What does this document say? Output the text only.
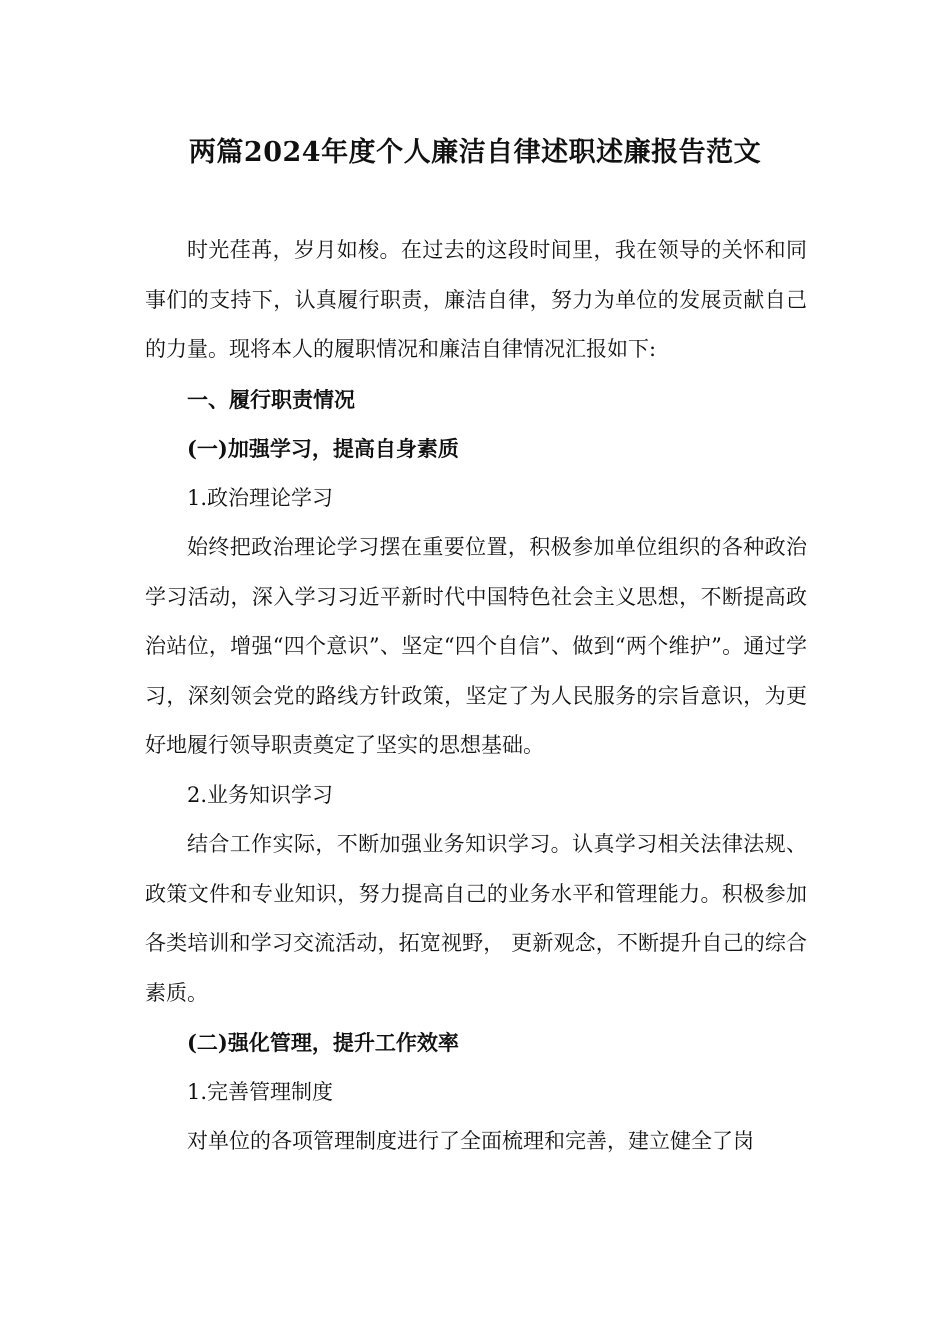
两篇2024年度个人廉洁自律述职述廉报告范文

时光荏苒，岁月如梭。在过去的这段时间里，我在领导的关怀和同事们的支持下，认真履行职责，廉洁自律，努力为单位的发展贡献自己的力量。现将本人的履职情况和廉洁自律情况汇报如下:

一、履行职责情况

(一)加强学习，提高自身素质

1.政治理论学习

始终把政治理论学习摆在重要位置，积极参加单位组织的各种政治学习活动，深入学习习近平新时代中国特色社会主义思想，不断提高政治站位，增强“四个意识”、坚定“四个自信”、做到“两个维护”。通过学习，深刻领会党的路线方针政策，坚定了为人民服务的宗旨意识，为更好地履行领导职责奠定了坚实的思想基础。

2.业务知识学习

结合工作实际，不断加强业务知识学习。认真学习相关法律法规、政策文件和专业知识，努力提高自己的业务水平和管理能力。积极参加各类培训和学习交流活动，拓宽视野， 更新观念，不断提升自己的综合素质。

(二)强化管理，提升工作效率

1.完善管理制度

对单位的各项管理制度进行了全面梳理和完善，建立健全了岗
